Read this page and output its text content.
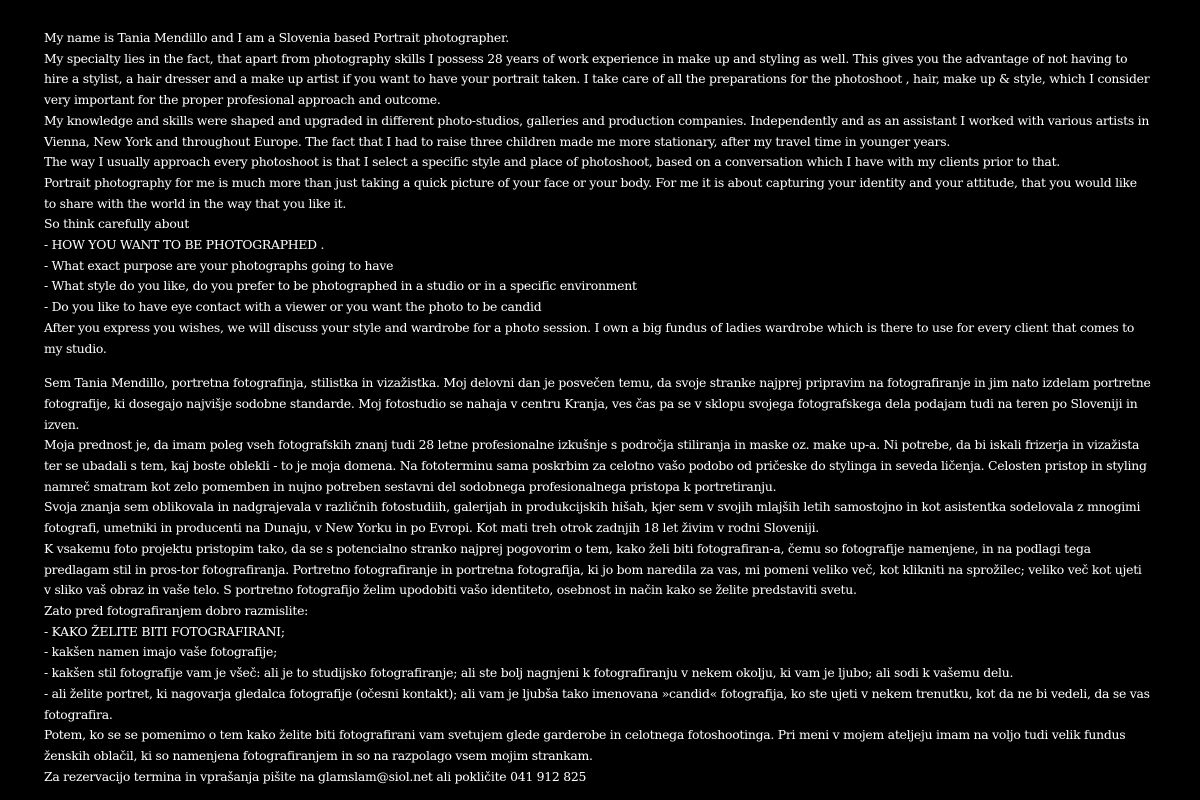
My name is Tania Mendillo and I am a Slovenia based Portrait photographer.

My specialty lies in the fact, that apart from photography skills I possess 28 years of work experience in make up and styling as well. This gives you the advantage of not having to hire a stylist, a hair dresser and a make up artist if you want to have your portrait taken. I take care of all the preparations for the photoshoot , hair, make up & style, which I consider very important for the proper profesional approach and outcome.

My knowledge and skills were shaped and upgraded in different photo-studios, galleries and production companies. Independently and as an assistant I worked with various artists in Vienna, New York and throughout Europe. The fact that I had to raise three children made me more stationary, after my travel time in younger years.

The way I usually approach every photoshoot is that I select a specific style and place of photoshoot, based on a conversation which I have with my clients prior to that.

Portrait photography for me is much more than just taking a quick picture of your face or your body. For me it is about capturing your identity and your attitude, that you would like to share with the world in the way that you like it.

So think carefully about

- HOW YOU WANT TO BE PHOTOGRAPHED .

- What exact purpose are your photographs going to have

- What style do you like, do you prefer to be photographed in a studio or in a specific environment

- Do you like to have eye contact with a viewer or you want the photo to be candid

After you express you wishes, we will discuss your style and wardrobe for a photo session. I own a big fundus of ladies wardrobe which is there to use for every client that comes to my studio.

Sem Tania Mendillo, portretna fotografinja, stilistka in vizažistka. Moj delovni dan je posvečen temu, da svoje stranke najprej pripravim na fotografiranje in jim nato izdelam portretne fotografije, ki dosegajo najvišje sodobne standarde. Moj fotostudio se nahaja v centru Kranja, ves čas pa se v sklopu svojega fotografskega dela podajam tudi na teren po Sloveniji in izven.

Moja prednost je, da imam poleg vseh fotografskih znanj tudi 28 letne profesionalne izkušnje s področja stiliranja in maske oz. make up-a. Ni potrebe, da bi iskali frizerja in vizažista ter se ubadali s tem, kaj boste oblekli - to je moja domena. Na fototerminu sama poskrbim za celotno vašo podobo od pričeske do stylinga in seveda ličenja. Celosten pristop in styling namreč smatram kot zelo pomemben in nujno potreben sestavni del sodobnega profesionalnega pristopa k portretiranju.

Svoja znanja sem oblikovala in nadgrajevala v različnih fotostudiih, galerijah in produkcijskih hišah, kjer sem v svojih mlajših letih samostojno in kot asistentka sodelovala z mnogimi fotografi, umetniki in producenti na Dunaju, v New Yorku in po Evropi. Kot mati treh otrok zadnjih 18 let živim v rodni Sloveniji.

K vsakemu foto projektu pristopim tako, da se s potencialno stranko najprej pogovorim o tem, kako želi biti fotografiran-a, čemu so fotografije namenjene, in na podlagi tega predlagam stil in pros-tor fotografiranja. Portretno fotografiranje in portretna fotografija, ki jo bom naredila za vas, mi pomeni veliko več, kot klikniti na sprožilec; veliko več kot ujeti v sliko vaš obraz in vaše telo. S portretno fotografijo želim upodobiti vašo identiteto, osebnost in način kako se želite predstaviti svetu.

Zato pred fotografiranjem dobro razmislite:

- KAKO ŽELITE BITI FOTOGRAFIRANI;

- kakšen namen imajo vaše fotografije;

- kakšen stil fotografije vam je všeč: ali je to studijsko fotografiranje; ali ste bolj nagnjeni k fotografiranju v nekem okolju, ki vam je ljubo; ali sodi k vašemu delu.

- ali želite portret, ki nagovarja gledalca fotografije (očesni kontakt); ali vam je ljubša tako imenovana »candid« fotografija, ko ste ujeti v nekem trenutku, kot da ne bi vedeli, da se vas fotografira.

Potem, ko se se pomenimo o tem kako želite biti fotografirani vam svetujem glede garderobe in celotnega fotoshootinga. Pri meni v mojem ateljeju imam na voljo tudi velik fundus ženskih oblačil, ki so namenjena fotografiranjem in so na razpolago vsem mojim strankam.

Za rezervacijo termina in vprašanja pišite na glamslam@siol.net ali pokličite 041 912 825
